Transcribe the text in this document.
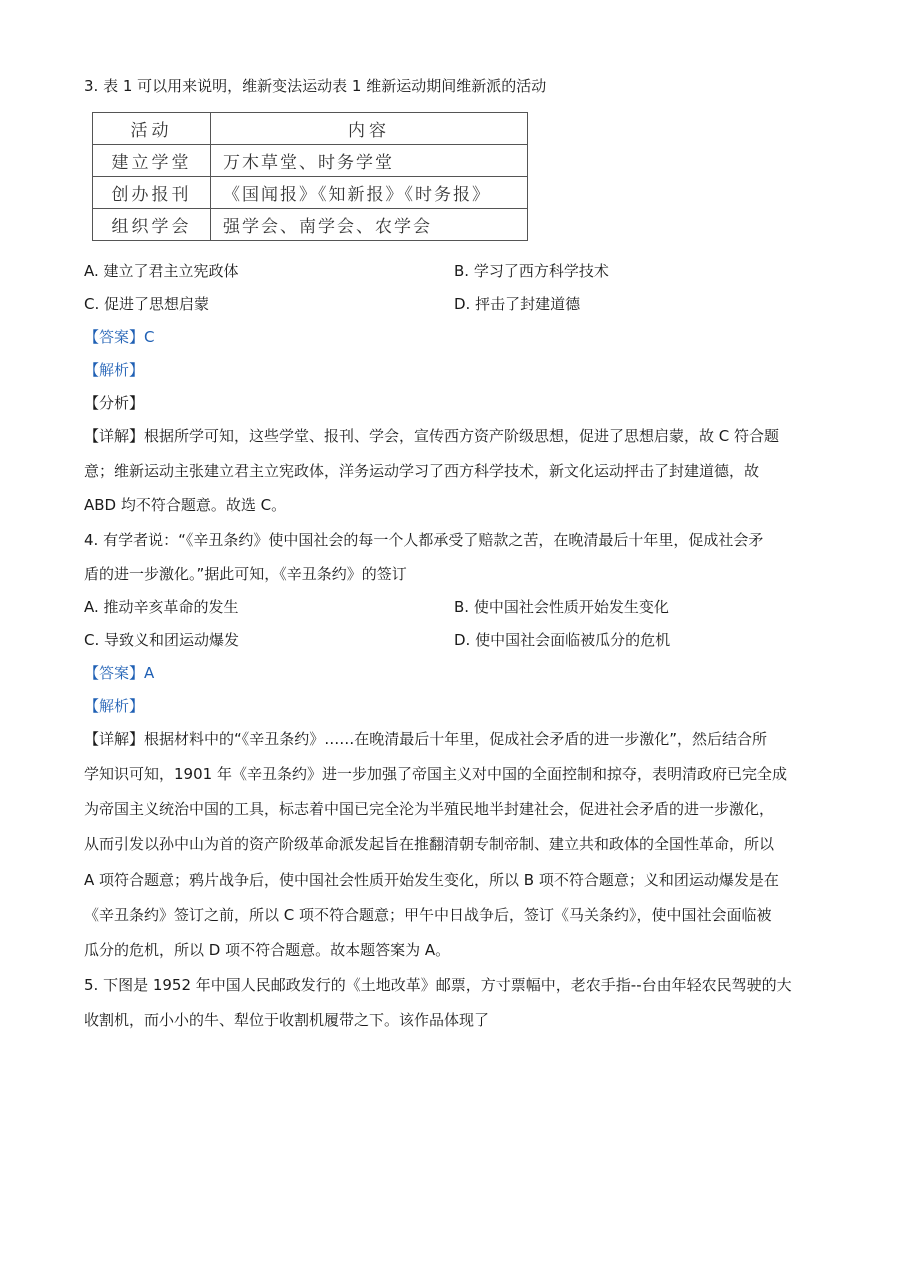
3. 表 1 可以用来说明，维新变法运动表 1 维新运动期间维新派的活动
活动	内容
建立学堂	万木草堂、时务学堂
创办报刊	《国闻报》《知新报》《时务报》
组织学会	强学会、南学会、农学会
A. 建立了君主立宪政体	B. 学习了西方科学技术
C. 促进了思想启蒙	D. 抨击了封建道德
【答案】C
【解析】
【分析】
【详解】根据所学可知，这些学堂、报刊、学会，宣传西方资产阶级思想，促进了思想启蒙，故 C 符合题
意；维新运动主张建立君主立宪政体，洋务运动学习了西方科学技术，新文化运动抨击了封建道德，故
ABD 均不符合题意。故选 C。
4. 有学者说：“《辛丑条约》使中国社会的每一个人都承受了赔款之苦，在晚清最后十年里，促成社会矛
盾的进一步激化。”据此可知，《辛丑条约》的签订
A. 推动辛亥革命的发生	B. 使中国社会性质开始发生变化
C. 导致义和团运动爆发	D. 使中国社会面临被瓜分的危机
【答案】A
【解析】
【详解】根据材料中的“《辛丑条约》……在晚清最后十年里，促成社会矛盾的进一步激化”，然后结合所
学知识可知，1901 年《辛丑条约》进一步加强了帝国主义对中国的全面控制和掠夺，表明清政府已完全成
为帝国主义统治中国的工具，标志着中国已完全沦为半殖民地半封建社会，促进社会矛盾的进一步激化，
从而引发以孙中山为首的资产阶级革命派发起旨在推翻清朝专制帝制、建立共和政体的全国性革命，所以
A 项符合题意；鸦片战争后，使中国社会性质开始发生变化，所以 B 项不符合题意；义和团运动爆发是在
《辛丑条约》签订之前，所以 C 项不符合题意；甲午中日战争后，签订《马关条约》，使中国社会面临被
瓜分的危机，所以 D 项不符合题意。故本题答案为 A。
5. 下图是 1952 年中国人民邮政发行的《土地改革》邮票，方寸票幅中，老农手指--台由年轻农民驾驶的大
收割机，而小小的牛、犁位于收割机履带之下。该作品体现了
